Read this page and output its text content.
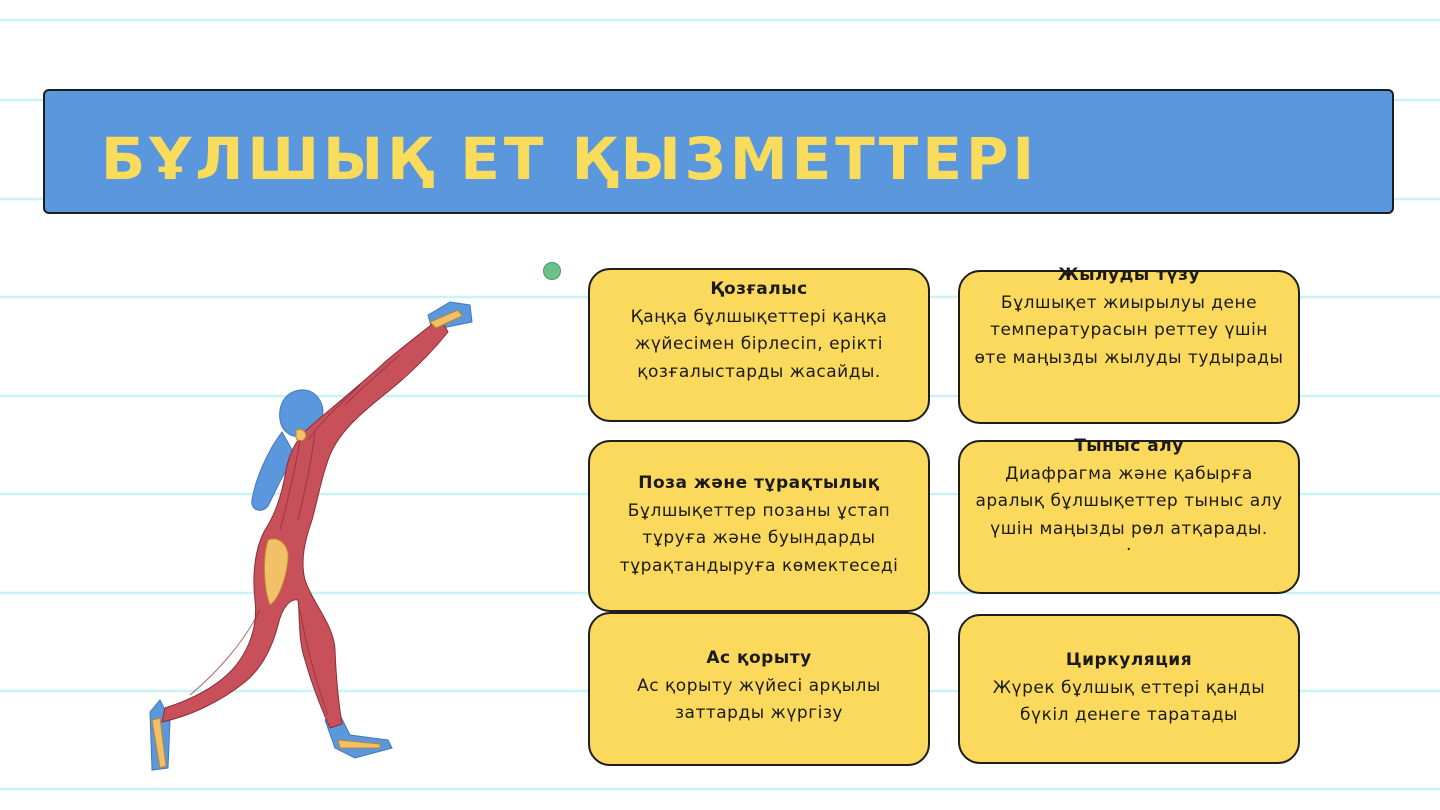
БҰЛШЫҚ ЕТ ҚЫЗМЕТТЕРІ
Қозғалыс
Қаңқа бұлшықеттері қаңқа жүйесімен бірлесіп, ерікті қозғалыстарды жасайды.
Жылуды түзу
Бұлшықет жиырылуы дене температурасын реттеу үшін өте маңызды жылуды тудырады
Поза және тұрақтылық
Бұлшықеттер позаны ұстап тұруға және буындарды тұрақтандыруға көмектеседі
Тыныс алу
Диафрагма және қабырға аралық бұлшықеттер тыныс алу үшін маңызды рөл атқарады.
.
Ас қорыту
Ас қорыту жүйесі арқылы заттарды жүргізу
Циркуляция
Жүрек бұлшық еттері қанды бүкіл денеге таратады
